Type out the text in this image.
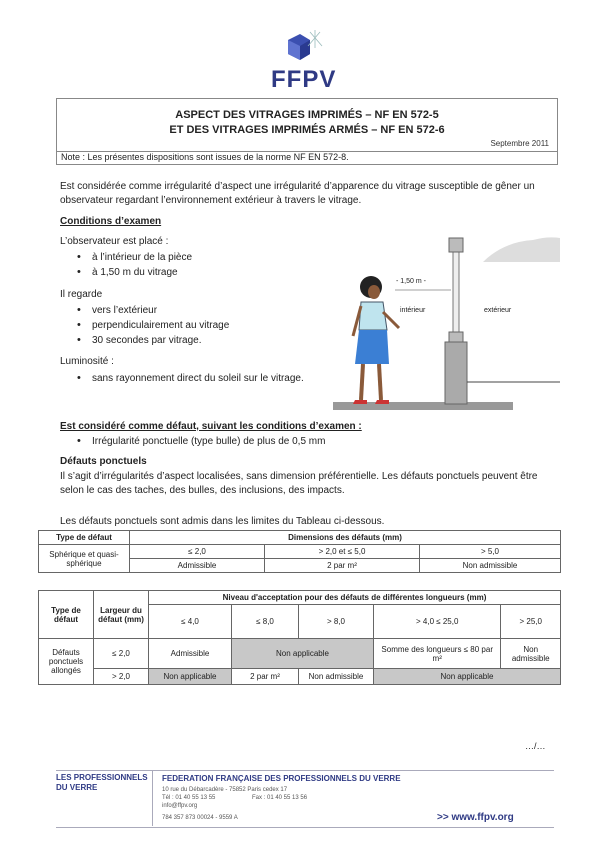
FFPV
ASPECT DES VITRAGES IMPRIMÉS – NF EN 572-5
ET DES VITRAGES IMPRIMÉS ARMÉS – NF EN 572-6
Septembre 2011
Note : Les présentes dispositions sont issues de la norme NF EN 572-8.
Est considérée comme irrégularité d’aspect une irrégularité d’apparence du vitrage susceptible de gêner un observateur regardant l’environnement extérieur à travers le vitrage.
Conditions d’examen
L’observateur est placé :
• à l’intérieur de la pièce
• à 1,50 m du vitrage
Il regarde
• vers l’extérieur
• perpendiculairement au vitrage
• 30 secondes par vitrage.
Luminosité :
• sans rayonnement direct du soleil sur le vitrage.
- 1,50 m -
intérieur	extérieur
Est considéré comme défaut, suivant les conditions d’examen :
• Irrégularité ponctuelle (type bulle) de plus de 0,5 mm
Défauts ponctuels
Il s’agit d’irrégularités d’aspect localisées, sans dimension préférentielle. Les défauts ponctuels peuvent être selon le cas des taches, des bulles, des inclusions, des impacts.
Les défauts ponctuels sont admis dans les limites du Tableau ci-dessous.
Type de défaut	Dimensions des défauts (mm)		
Sphérique et quasi-sphérique	≤ 2,0	> 2,0 et ≤ 5,0	> 5,0
	Admissible	2 par m²	Non admissible
Type de défaut	Largeur du défaut (mm)	Niveau d'acceptation pour des défauts de différentes longueurs (mm)				
		≤ 4,0	≤ 8,0	> 8,0	> 4,0 ≤ 25,0	> 25,0
Défauts ponctuels allongés	≤ 2,0	Admissible	Non applicable		Somme des longueurs ≤ 80 par m²	Non admissible
	> 2,0	Non applicable	2 par m²	Non admissible	Non applicable	
…/…
LES PROFESSIONNELS
DU VERRE
FEDERATION FRANÇAISE DES PROFESSIONNELS DU VERRE
10 rue du Débarcadère - 75852 Paris cedex 17
Tél : 01 40 55 13 55	Fax : 01 40 55 13 56
info@ffpv.org
784 357 873 00024 - 9559 A	>> www.ffpv.org
